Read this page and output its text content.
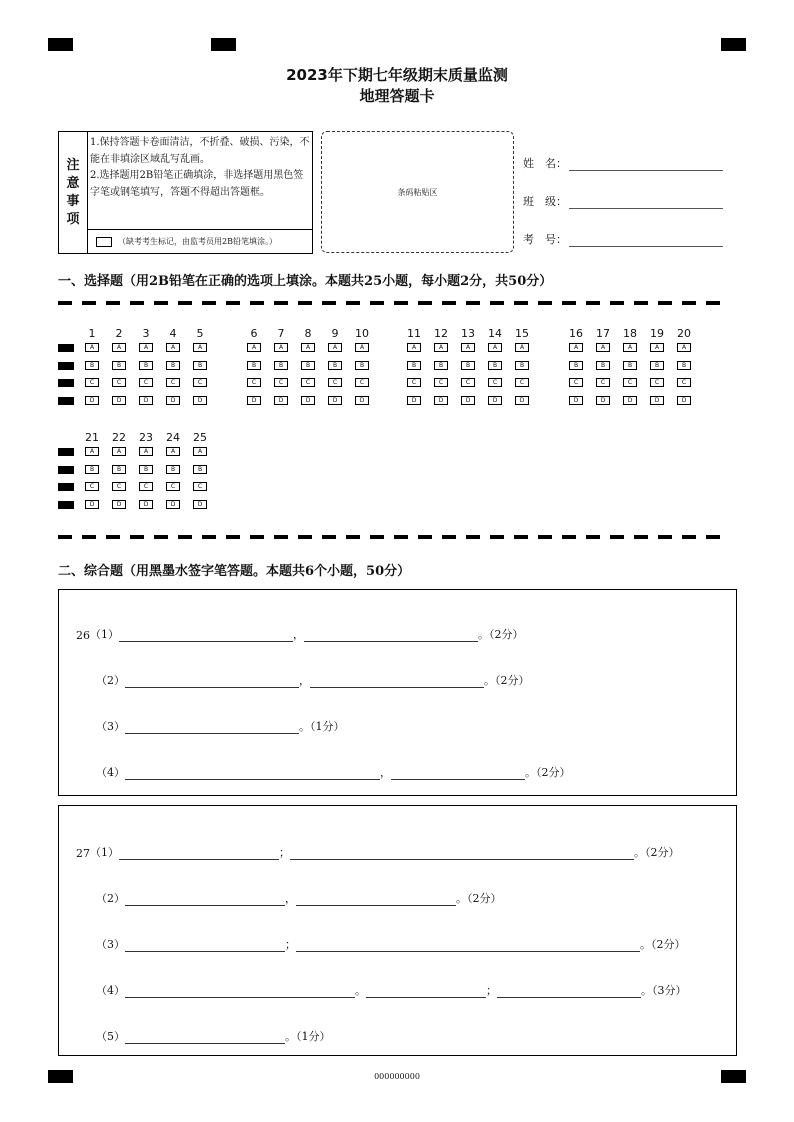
2023年下期七年级期末质量监测
地理答题卡
注
意
事
项
1.保持答题卡卷面清洁，不折叠、破损、污染，不能在非填涂区域乱写乱画。
2.选择题用2B铅笔正确填涂，非选择题用黑色签字笔或钢笔填写，答题不得超出答题框。
（缺考考生标记，由监考员用2B铅笔填涂。）
条码粘贴区
姓　名：
班　级：
考　号：
一、选择题（用2B铅笔在正确的选项上填涂。本题共25小题，每小题2分，共50分）
1
A
B
C
D
2
A
B
C
D
3
A
B
C
D
4
A
B
C
D
5
A
B
C
D
6
A
B
C
D
7
A
B
C
D
8
A
B
C
D
9
A
B
C
D
10
A
B
C
D
11
A
B
C
D
12
A
B
C
D
13
A
B
C
D
14
A
B
C
D
15
A
B
C
D
16
A
B
C
D
17
A
B
C
D
18
A
B
C
D
19
A
B
C
D
20
A
B
C
D
21
A
B
C
D
22
A
B
C
D
23
A
B
C
D
24
A
B
C
D
25
A
B
C
D
二、综合题（用黑墨水签字笔答题。本题共6个小题，50分）
26 （1）	，	。（2分）
（2）	，	。（2分）
（3）	。（1分）
（4）	，	。（2分）
27 （1）	；	。（2分）
（2）	，	。（2分）
（3）	；	。（2分）
（4）	。	；	。（3分）
（5）	。（1分）
000000000
